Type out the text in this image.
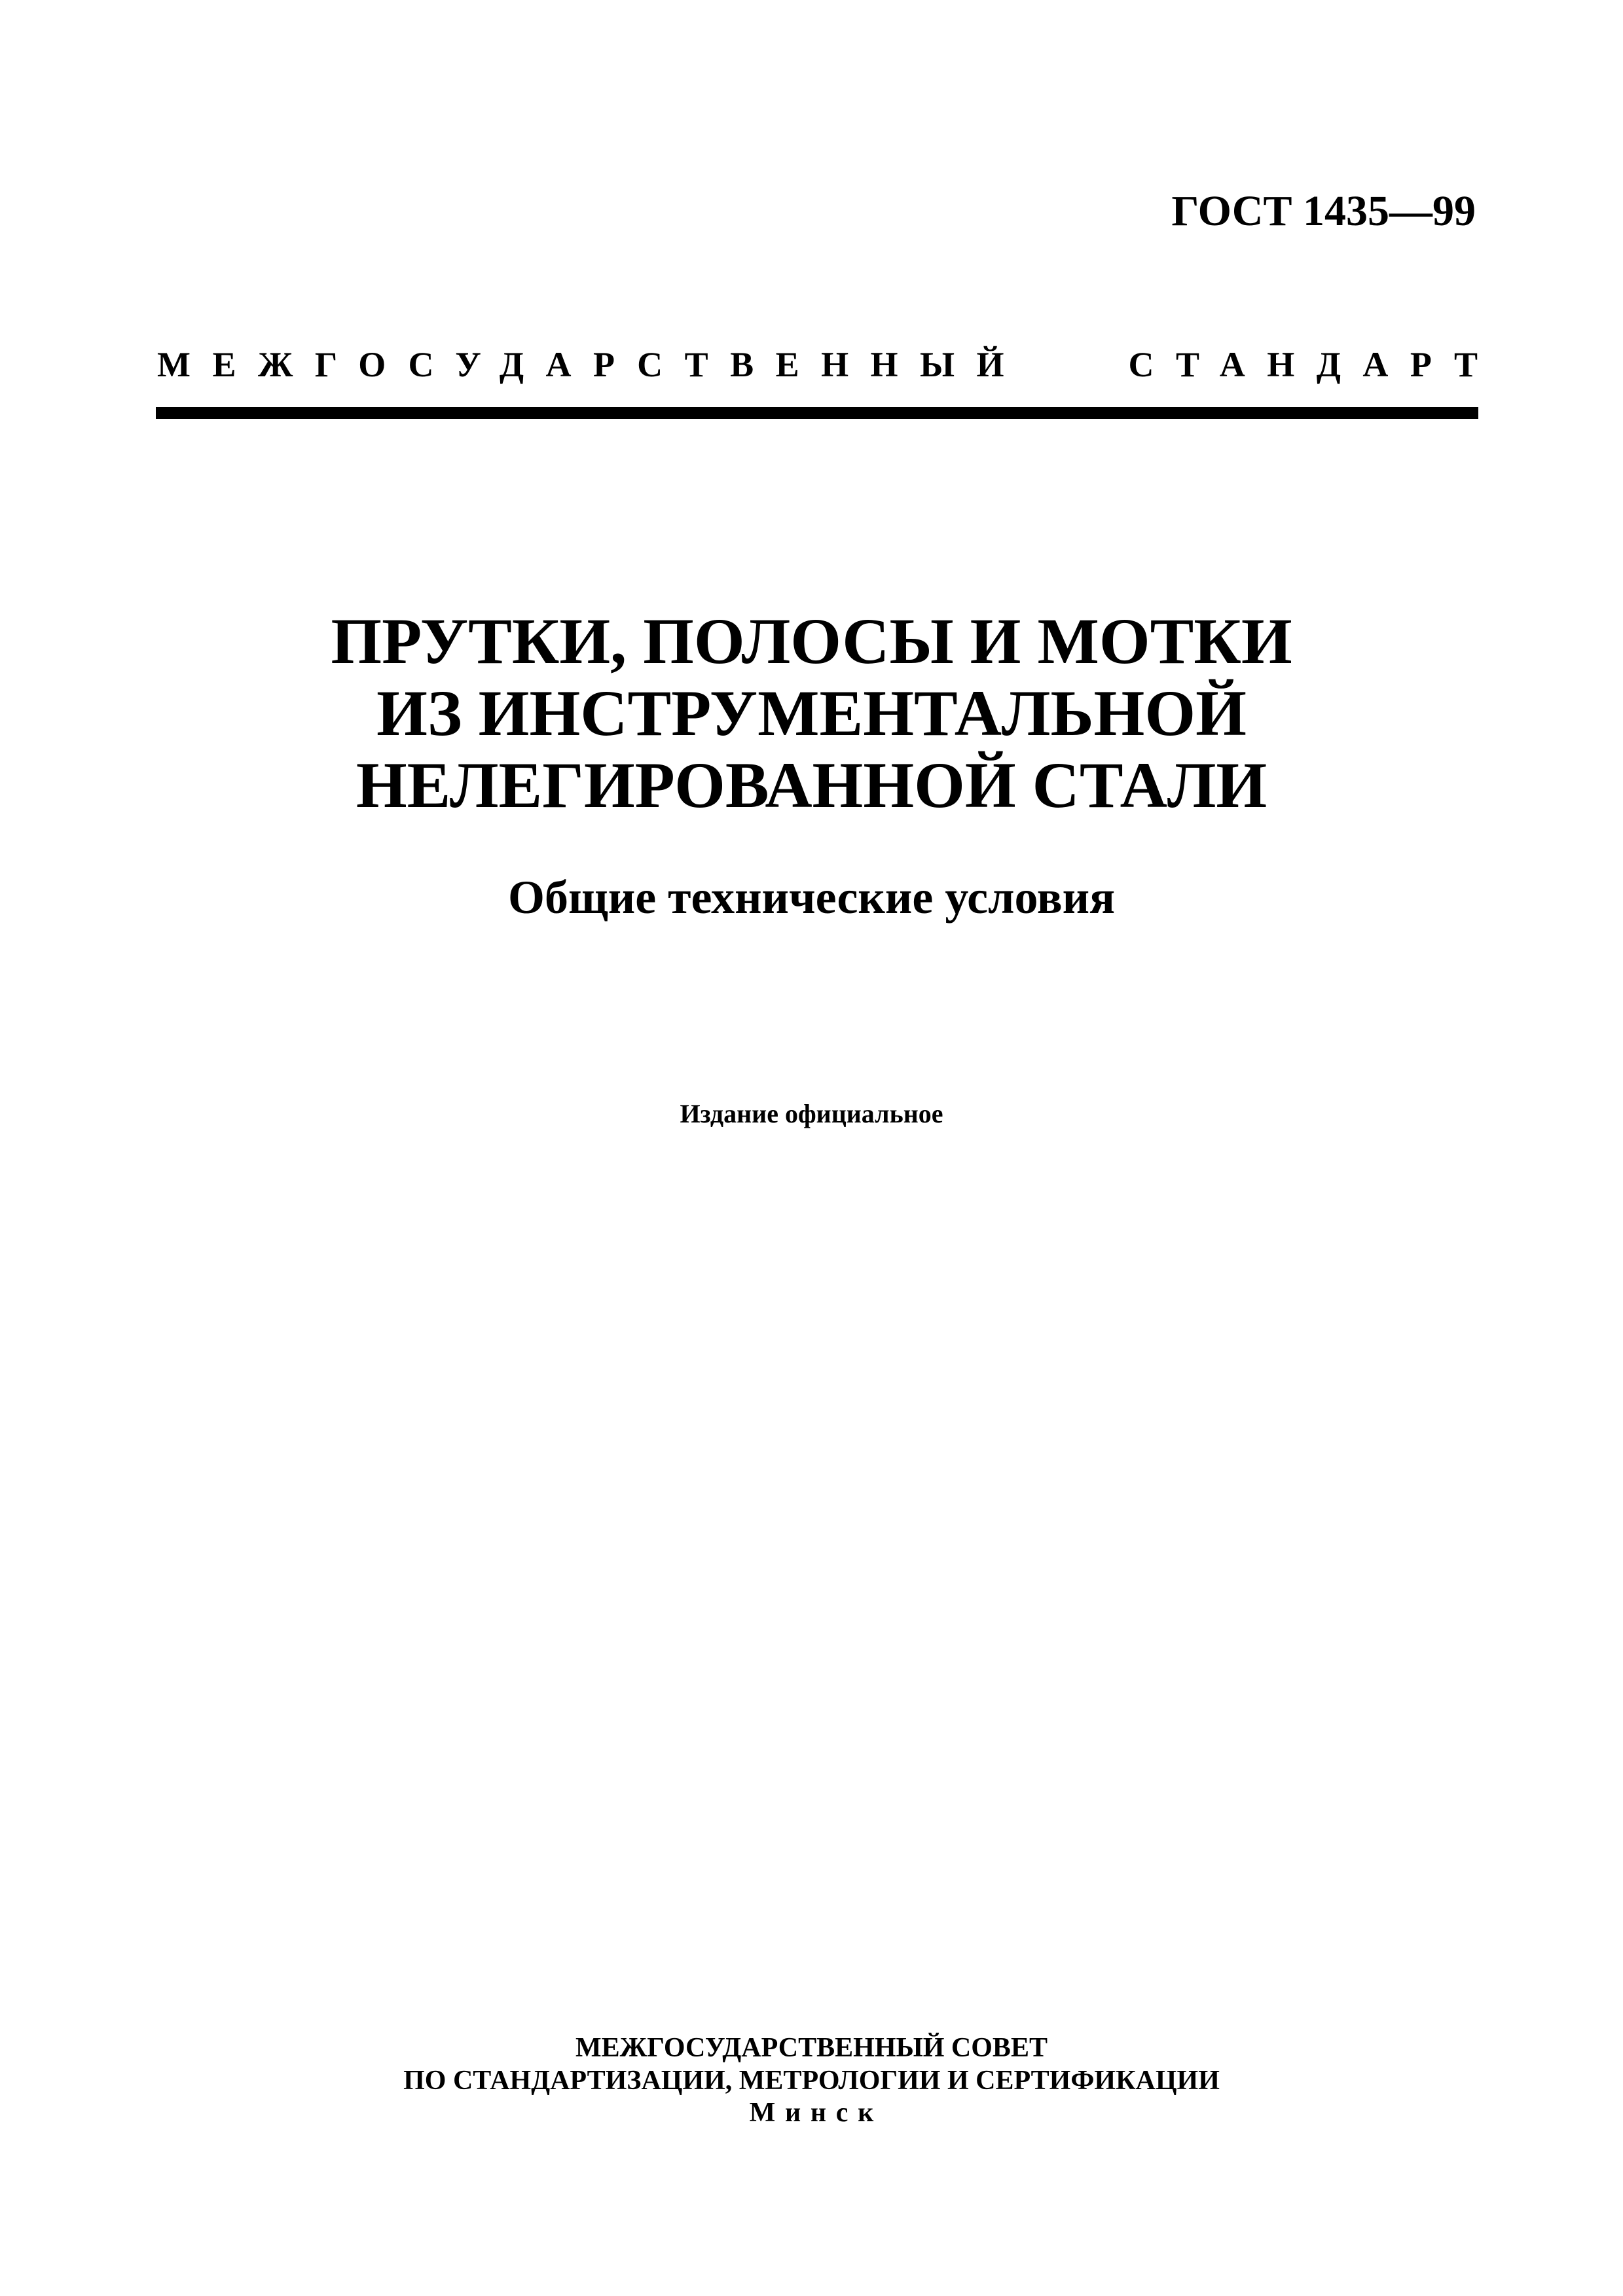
ГОСТ 1435—99
МЕЖГОСУДАРСТВЕННЫЙ	СТАНДАРТ
ПРУТКИ, ПОЛОСЫ И МОТКИ
ИЗ ИНСТРУМЕНТАЛЬНОЙ
НЕЛЕГИРОВАННОЙ СТАЛИ
Общие технические условия
Издание официальное
МЕЖГОСУДАРСТВЕННЫЙ СОВЕТ
ПО СТАНДАРТИЗАЦИИ, МЕТРОЛОГИИ И СЕРТИФИКАЦИИ
Минск
